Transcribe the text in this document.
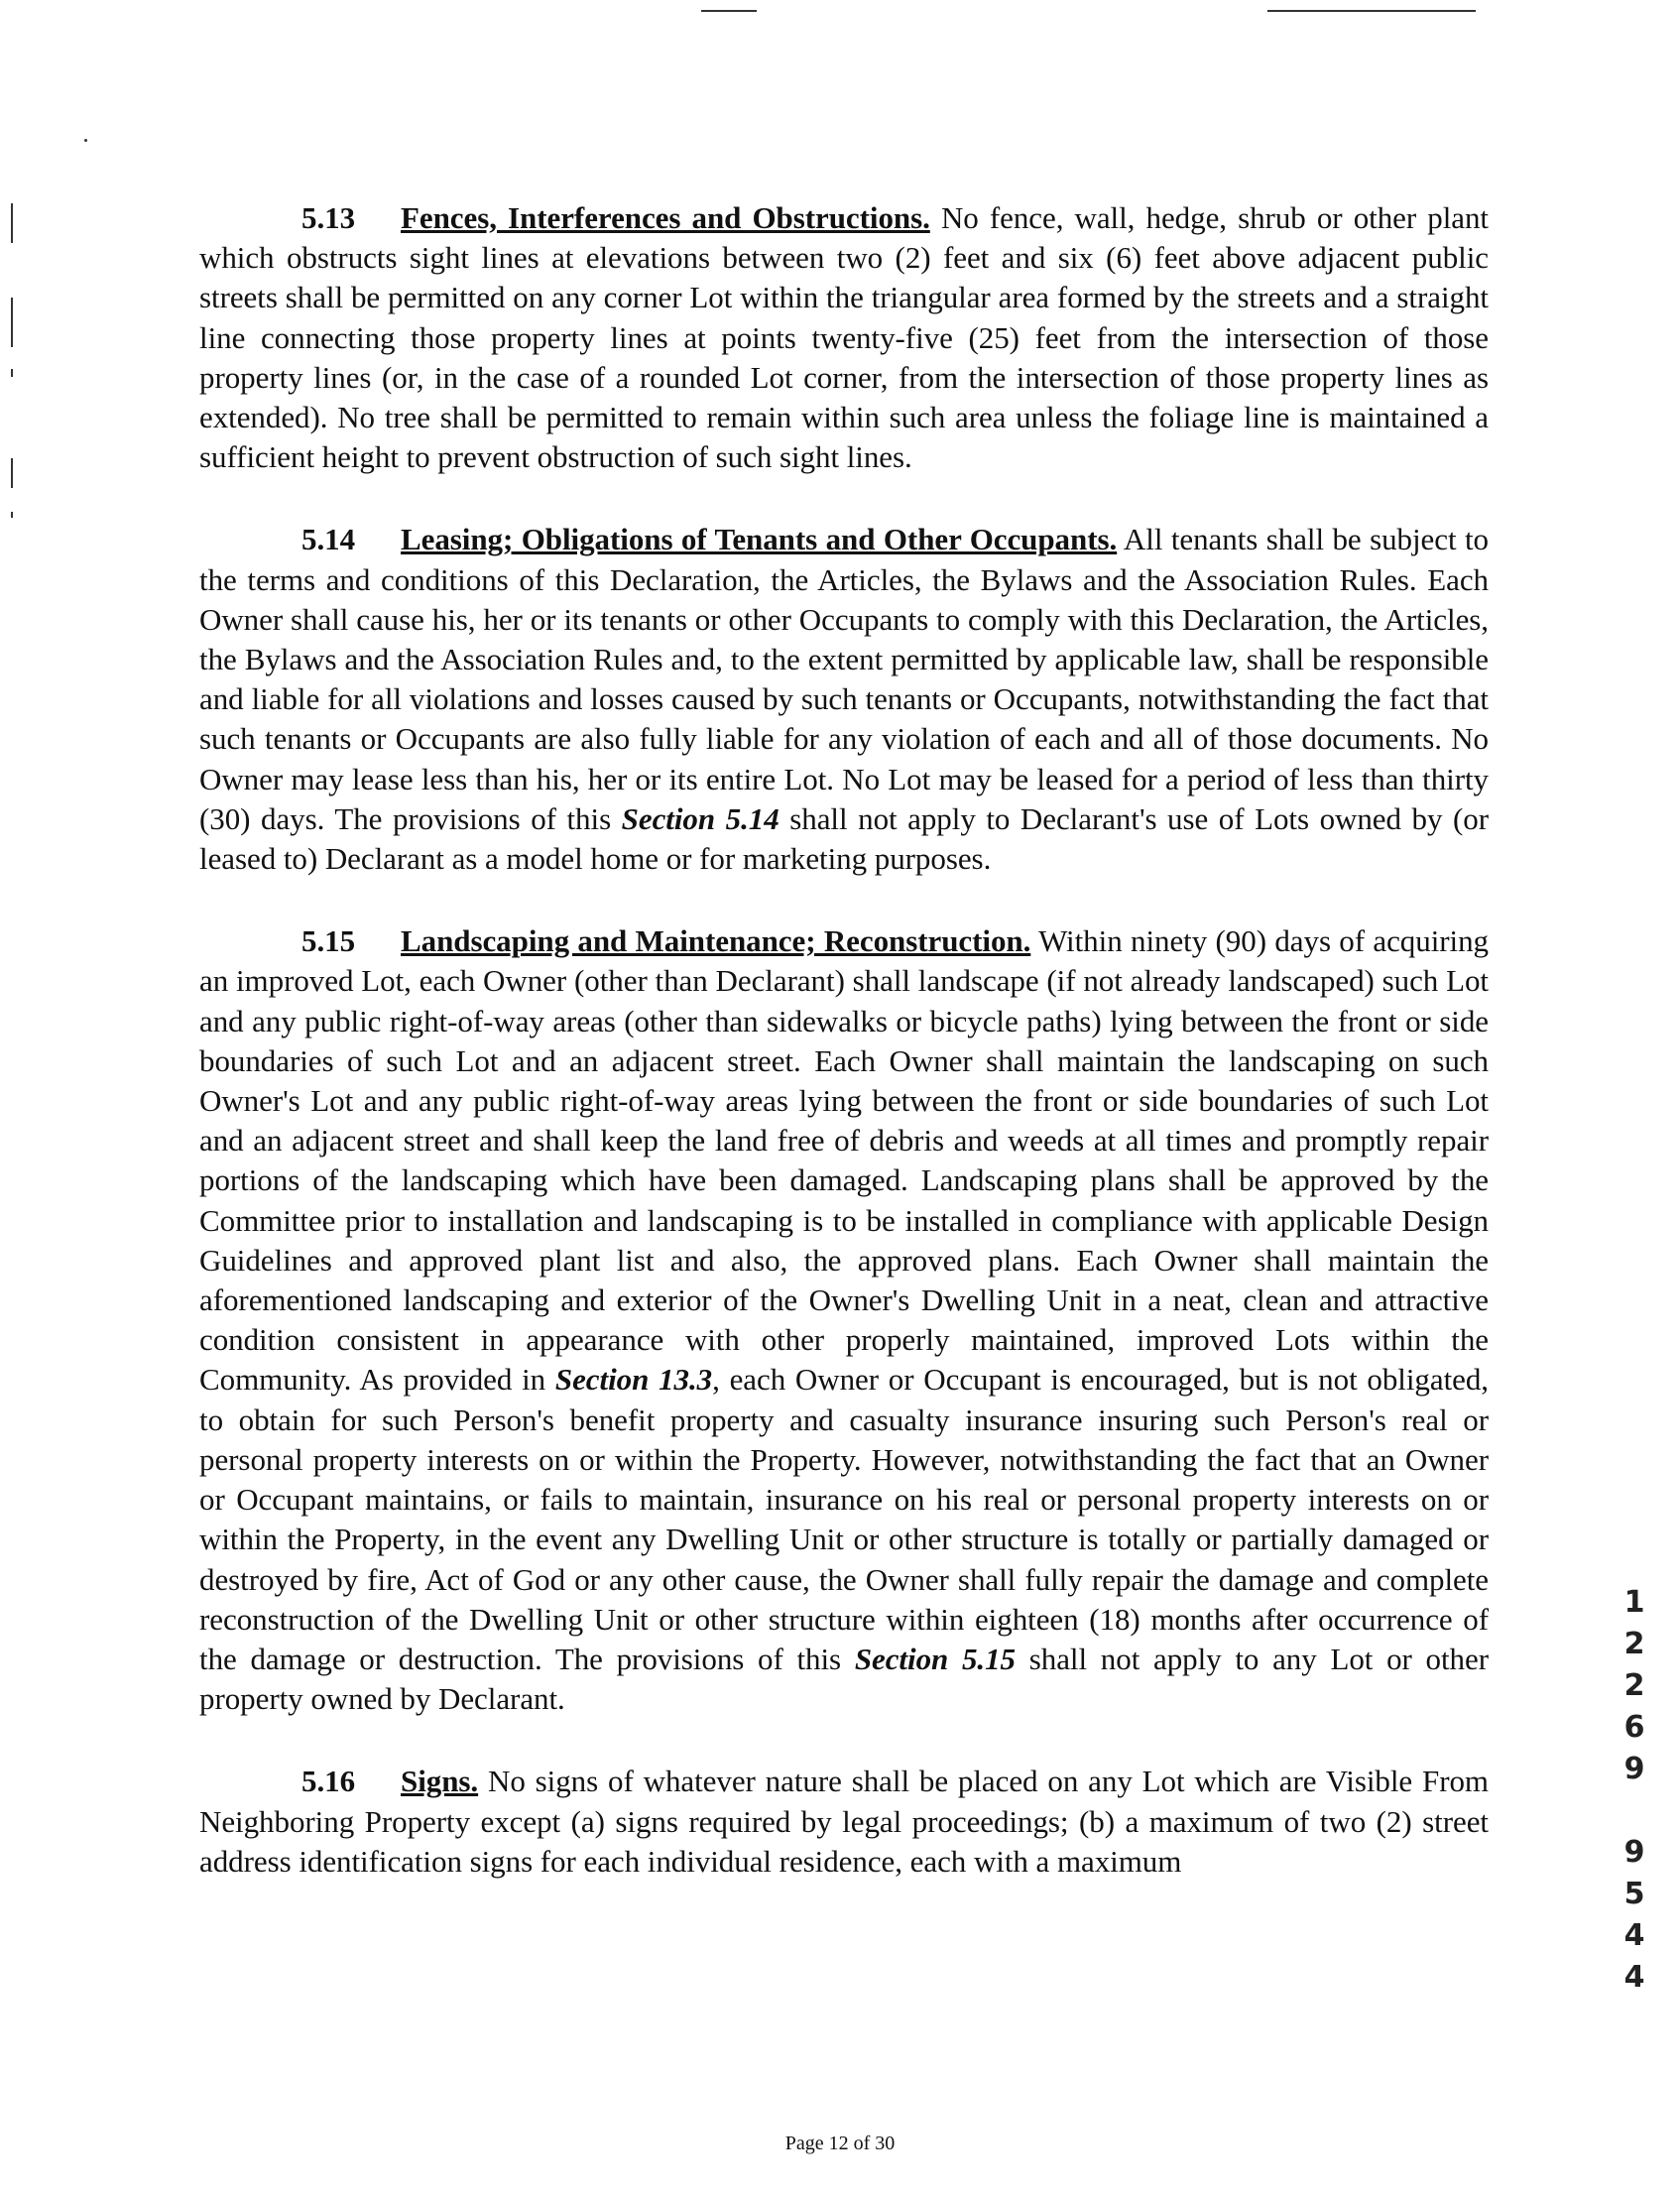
5.13 Fences, Interferences and Obstructions. No fence, wall, hedge, shrub or other plant which obstructs sight lines at elevations between two (2) feet and six (6) feet above adjacent public streets shall be permitted on any corner Lot within the triangular area formed by the streets and a straight line connecting those property lines at points twenty-five (25) feet from the intersection of those property lines (or, in the case of a rounded Lot corner, from the intersection of those property lines as extended). No tree shall be permitted to remain within such area unless the foliage line is maintained a sufficient height to prevent obstruction of such sight lines.

5.14 Leasing; Obligations of Tenants and Other Occupants. All tenants shall be subject to the terms and conditions of this Declaration, the Articles, the Bylaws and the Association Rules. Each Owner shall cause his, her or its tenants or other Occupants to comply with this Declaration, the Articles, the Bylaws and the Association Rules and, to the extent permitted by applicable law, shall be responsible and liable for all violations and losses caused by such tenants or Occupants, notwithstanding the fact that such tenants or Occupants are also fully liable for any violation of each and all of those documents. No Owner may lease less than his, her or its entire Lot. No Lot may be leased for a period of less than thirty (30) days. The provisions of this Section 5.14 shall not apply to Declarant's use of Lots owned by (or leased to) Declarant as a model home or for marketing purposes.

5.15 Landscaping and Maintenance; Reconstruction. Within ninety (90) days of acquiring an improved Lot, each Owner (other than Declarant) shall landscape (if not already landscaped) such Lot and any public right-of-way areas (other than sidewalks or bicycle paths) lying between the front or side boundaries of such Lot and an adjacent street. Each Owner shall maintain the landscaping on such Owner's Lot and any public right-of-way areas lying between the front or side boundaries of such Lot and an adjacent street and shall keep the land free of debris and weeds at all times and promptly repair portions of the landscaping which have been damaged. Landscaping plans shall be approved by the Committee prior to installation and landscaping is to be installed in compliance with applicable Design Guidelines and approved plant list and also, the approved plans. Each Owner shall maintain the aforementioned landscaping and exterior of the Owner's Dwelling Unit in a neat, clean and attractive condition consistent in appearance with other properly maintained, improved Lots within the Community. As provided in Section 13.3, each Owner or Occupant is encouraged, but is not obligated, to obtain for such Person's benefit property and casualty insurance insuring such Person's real or personal property interests on or within the Property. However, notwithstanding the fact that an Owner or Occupant maintains, or fails to maintain, insurance on his real or personal property interests on or within the Property, in the event any Dwelling Unit or other structure is totally or partially damaged or destroyed by fire, Act of God or any other cause, the Owner shall fully repair the damage and complete reconstruction of the Dwelling Unit or other structure within eighteen (18) months after occurrence of the damage or destruction. The provisions of this Section 5.15 shall not apply to any Lot or other property owned by Declarant.

5.16 Signs. No signs of whatever nature shall be placed on any Lot which are Visible From Neighboring Property except (a) signs required by legal proceedings; (b) a maximum of two (2) street address identification signs for each individual residence, each with a maximum

1
2
2
6
9
9
5
4
4
Page 12 of 30
